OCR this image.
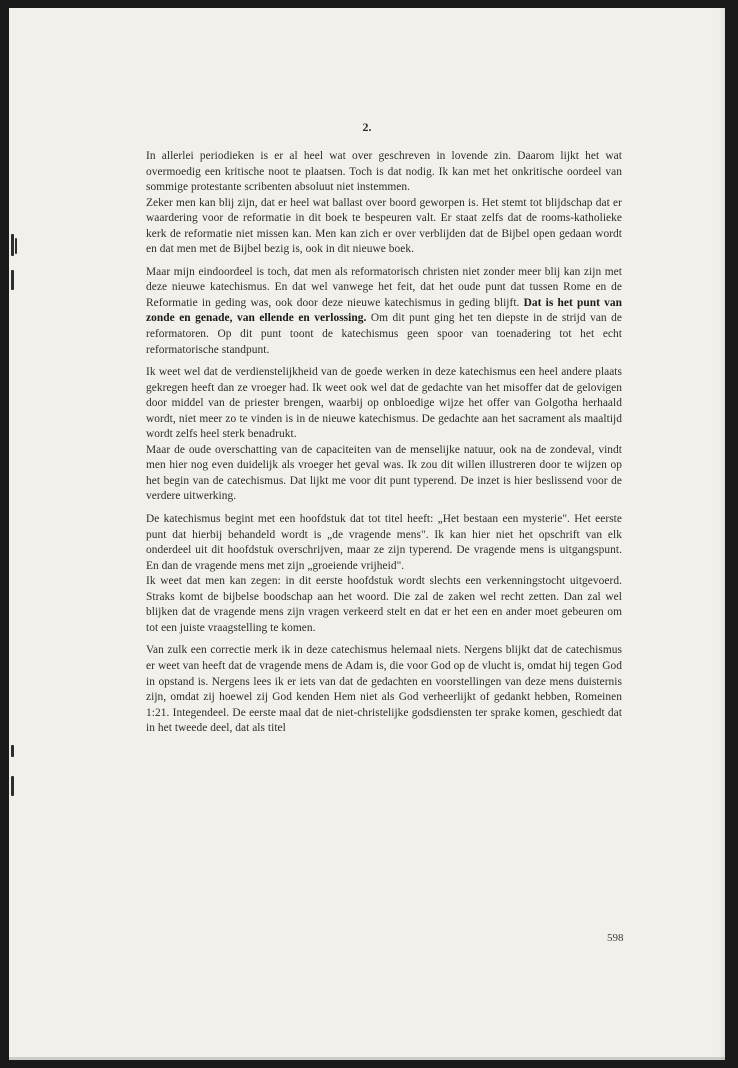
2.

In allerlei periodieken is er al heel wat over geschreven in lovende zin. Daarom lijkt het wat overmoedig een kritische noot te plaatsen. Toch is dat nodig. Ik kan met het onkritische oordeel van sommige protestante scribenten absoluut niet instemmen.

Zeker men kan blij zijn, dat er heel wat ballast over boord geworpen is. Het stemt tot blijdschap dat er waardering voor de reformatie in dit boek te bespeuren valt. Er staat zelfs dat de rooms-katholieke kerk de reformatie niet missen kan. Men kan zich er over verblijden dat de Bijbel open gedaan wordt en dat men met de Bijbel bezig is, ook in dit nieuwe boek.

Maar mijn eindoordeel is toch, dat men als reformatorisch christen niet zonder meer blij kan zijn met deze nieuwe katechismus. En dat wel vanwege het feit, dat het oude punt dat tussen Rome en de Reformatie in geding was, ook door deze nieuwe katechismus in geding blijft. Dat is het punt van zonde en genade, van ellende en verlossing. Om dit punt ging het ten diepste in de strijd van de reformatoren. Op dit punt toont de katechismus geen spoor van toenadering tot het echt reformatorische standpunt.

Ik weet wel dat de verdienstelijkheid van de goede werken in deze katechismus een heel andere plaats gekregen heeft dan ze vroeger had. Ik weet ook wel dat de gedachte van het misoffer dat de gelovigen door middel van de priester brengen, waarbij op onbloedige wijze het offer van Golgotha herhaald wordt, niet meer zo te vinden is in de nieuwe katechismus. De gedachte aan het sacrament als maaltijd wordt zelfs heel sterk benadrukt.

Maar de oude overschatting van de capaciteiten van de menselijke natuur, ook na de zondeval, vindt men hier nog even duidelijk als vroeger het geval was. Ik zou dit willen illustreren door te wijzen op het begin van de catechismus. Dat lijkt me voor dit punt typerend. De inzet is hier beslissend voor de verdere uitwerking.

De katechismus begint met een hoofdstuk dat tot titel heeft: „Het bestaan een mysterie". Het eerste punt dat hierbij behandeld wordt is „de vragende mens". Ik kan hier niet het opschrift van elk onderdeel uit dit hoofdstuk overschrijven, maar ze zijn typerend. De vragende mens is uitgangspunt. En dan de vragende mens met zijn „groeiende vrijheid".

Ik weet dat men kan zegen: in dit eerste hoofdstuk wordt slechts een verkenningstocht uitgevoerd. Straks komt de bijbelse boodschap aan het woord. Die zal de zaken wel recht zetten. Dan zal wel blijken dat de vragende mens zijn vragen verkeerd stelt en dat er het een en ander moet gebeuren om tot een juiste vraagstelling te komen.

Van zulk een correctie merk ik in deze catechismus helemaal niets. Nergens blijkt dat de catechismus er weet van heeft dat de vragende mens de Adam is, die voor God op de vlucht is, omdat hij tegen God in opstand is. Nergens lees ik er iets van dat de gedachten en voorstellingen van deze mens duisternis zijn, omdat zij hoewel zij God kenden Hem niet als God verheerlijkt of gedankt hebben, Romeinen 1:21. Integendeel. De eerste maal dat de niet-christelijke godsdiensten ter sprake komen, geschiedt dat in het tweede deel, dat als titel

598
